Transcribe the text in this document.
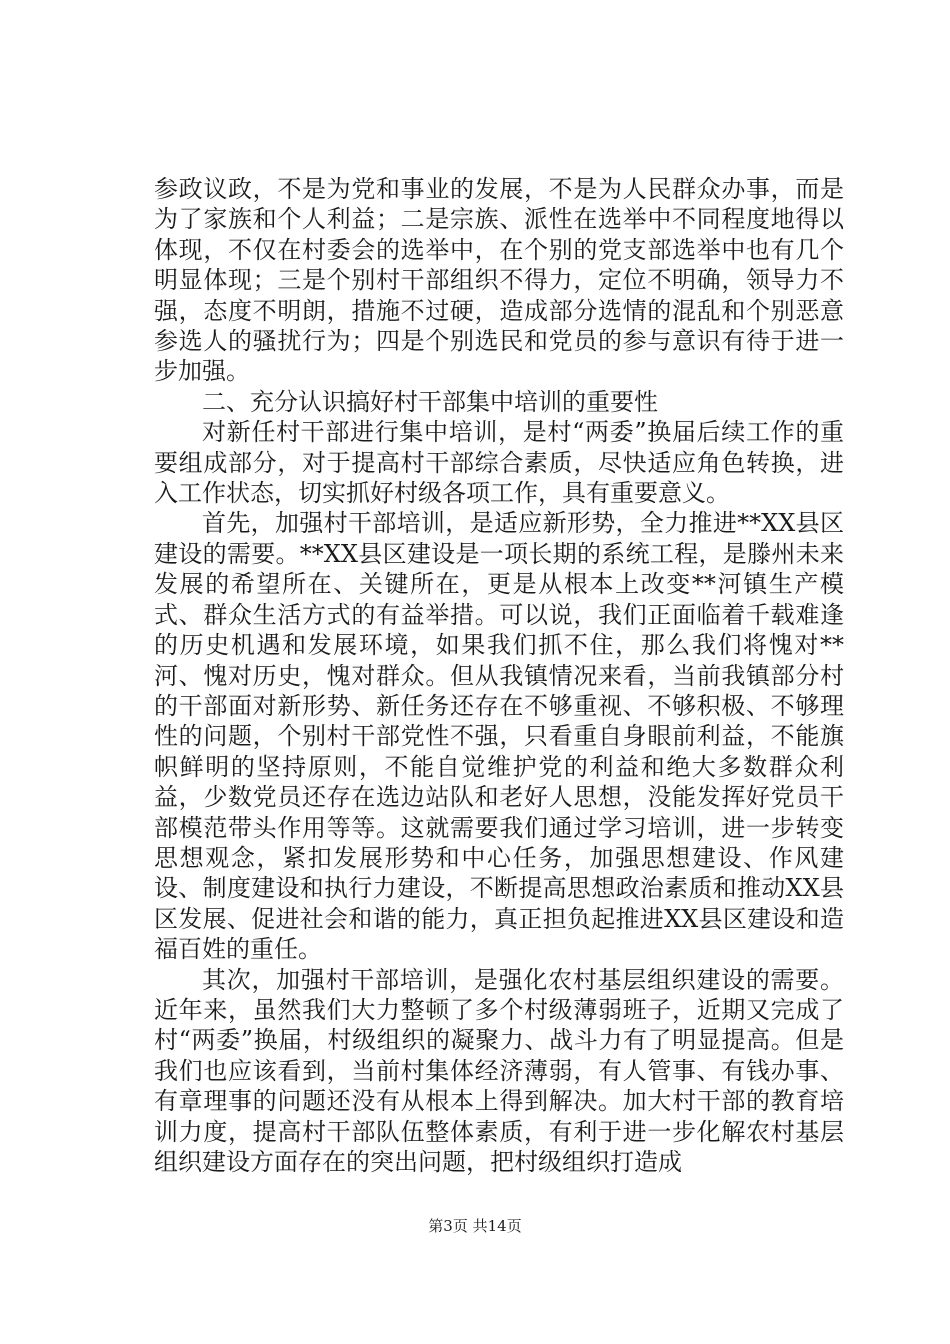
参政议政，不是为党和事业的发展，不是为人民群众办事，而是为了家族和个人利益；二是宗族、派性在选举中不同程度地得以体现，不仅在村委会的选举中，在个别的党支部选举中也有几个明显体现；三是个别村干部组织不得力，定位不明确，领导力不强，态度不明朗，措施不过硬，造成部分选情的混乱和个别恶意参选人的骚扰行为；四是个别选民和党员的参与意识有待于进一步加强。

二、充分认识搞好村干部集中培训的重要性

对新任村干部进行集中培训，是村“两委”换届后续工作的重要组成部分，对于提高村干部综合素质，尽快适应角色转换，进入工作状态，切实抓好村级各项工作，具有重要意义。

首先，加强村干部培训，是适应新形势，全力推进**XX县区建设的需要。**XX县区建设是一项长期的系统工程，是滕州未来发展的希望所在、关键所在，更是从根本上改变**河镇生产模式、群众生活方式的有益举措。可以说，我们正面临着千载难逢的历史机遇和发展环境，如果我们抓不住，那么我们将愧对**河、愧对历史，愧对群众。但从我镇情况来看，当前我镇部分村的干部面对新形势、新任务还存在不够重视、不够积极、不够理性的问题，个别村干部党性不强，只看重自身眼前利益，不能旗帜鲜明的坚持原则，不能自觉维护党的利益和绝大多数群众利益，少数党员还存在选边站队和老好人思想，没能发挥好党员干部模范带头作用等等。这就需要我们通过学习培训，进一步转变思想观念，紧扣发展形势和中心任务，加强思想建设、作风建设、制度建设和执行力建设，不断提高思想政治素质和推动XX县区发展、促进社会和谐的能力，真正担负起推进XX县区建设和造福百姓的重任。

其次，加强村干部培训，是强化农村基层组织建设的需要。近年来，虽然我们大力整顿了多个村级薄弱班子，近期又完成了村“两委”换届，村级组织的凝聚力、战斗力有了明显提高。但是我们也应该看到，当前村集体经济薄弱，有人管事、有钱办事、有章理事的问题还没有从根本上得到解决。加大村干部的教育培训力度，提高村干部队伍整体素质，有利于进一步化解农村基层组织建设方面存在的突出问题，把村级组织打造成

第3页 共14页
